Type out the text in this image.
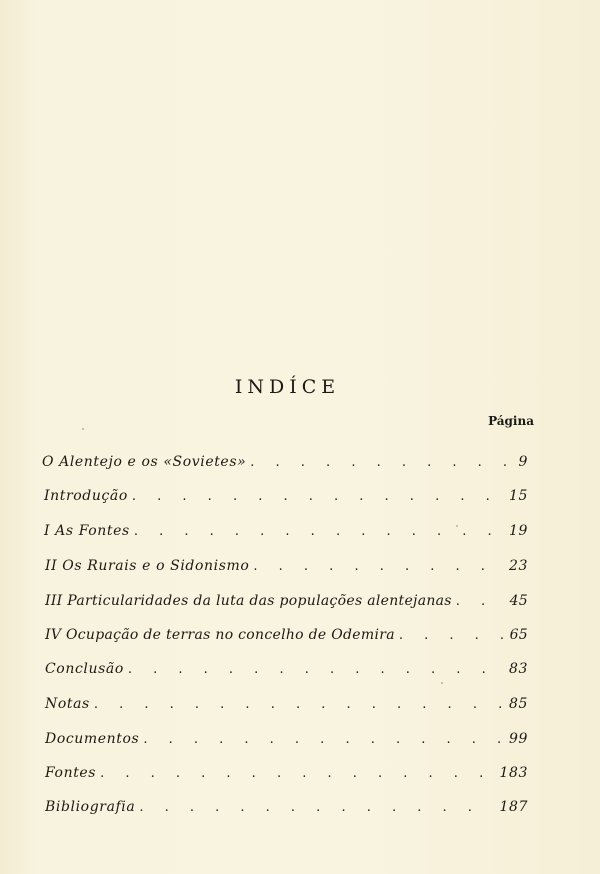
INDÍCE
Página
O Alentejo e os «Sovietes» . . .	9
Introdução . . .	15
I As Fontes . . .	19
II Os Rurais e o Sidonismo . . .	23
III Particularidades da luta das populações alentejanas . . .	45
IV Ocupação de terras no concelho de Odemira . . .	65
Conclusão . . .	83
Notas . . .	85
Documentos . . .	99
Fontes . . .	183
Bibliografia . . .	187
